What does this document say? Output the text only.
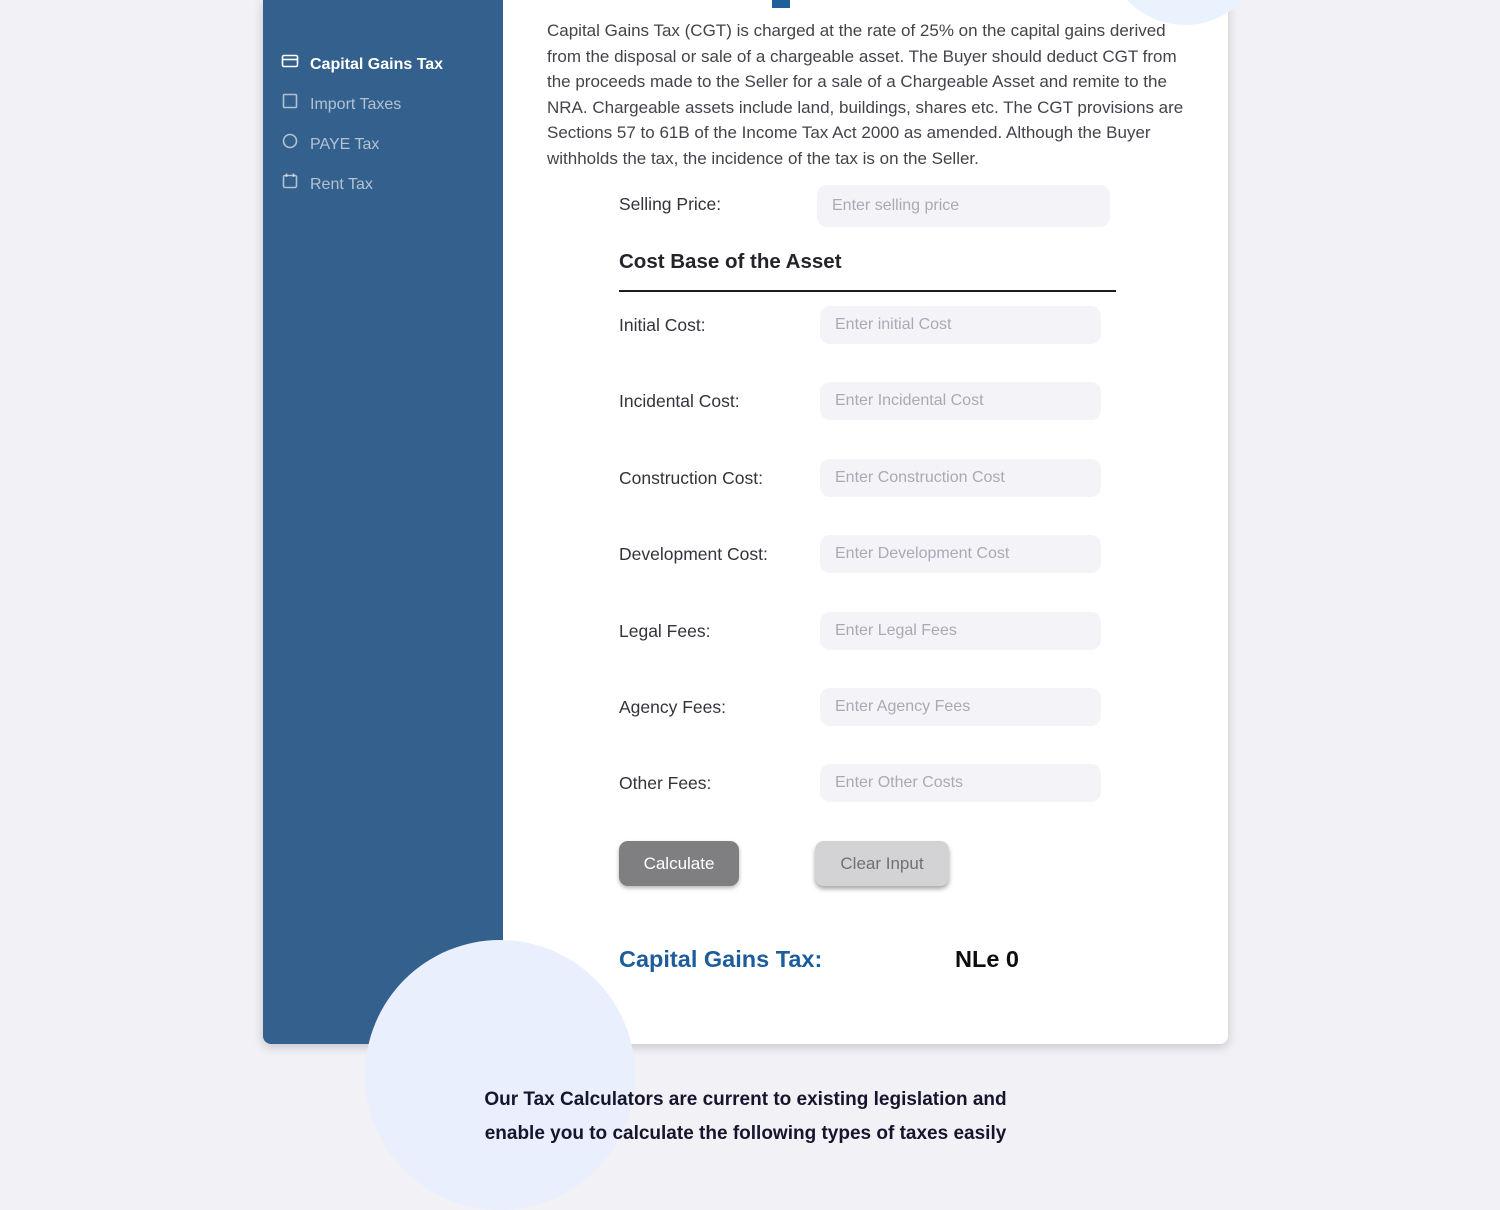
Capital Gains Tax
Import Taxes
PAYE Tax
Rent Tax

Capital Gains Tax (CGT) is charged at the rate of 25% on the capital gains derived from the disposal or sale of a chargeable asset. The Buyer should deduct CGT from the proceeds made to the Seller for a sale of a Chargeable Asset and remite to the NRA. Chargeable assets include land, buildings, shares etc. The CGT provisions are Sections 57 to 61B of the Income Tax Act 2000 as amended. Although the Buyer withholds the tax, the incidence of the tax is on the Seller.

Selling Price:
Enter selling price
Cost Base of the Asset
Initial Cost:
Enter initial Cost
Incidental Cost:
Enter Incidental Cost
Construction Cost:
Enter Construction Cost
Development Cost:
Enter Development Cost
Legal Fees:
Enter Legal Fees
Agency Fees:
Enter Agency Fees
Other Fees:
Enter Other Costs
Calculate	Clear Input
Capital Gains Tax:	NLe 0
Our Tax Calculators are current to existing legislation and
enable you to calculate the following types of taxes easily
